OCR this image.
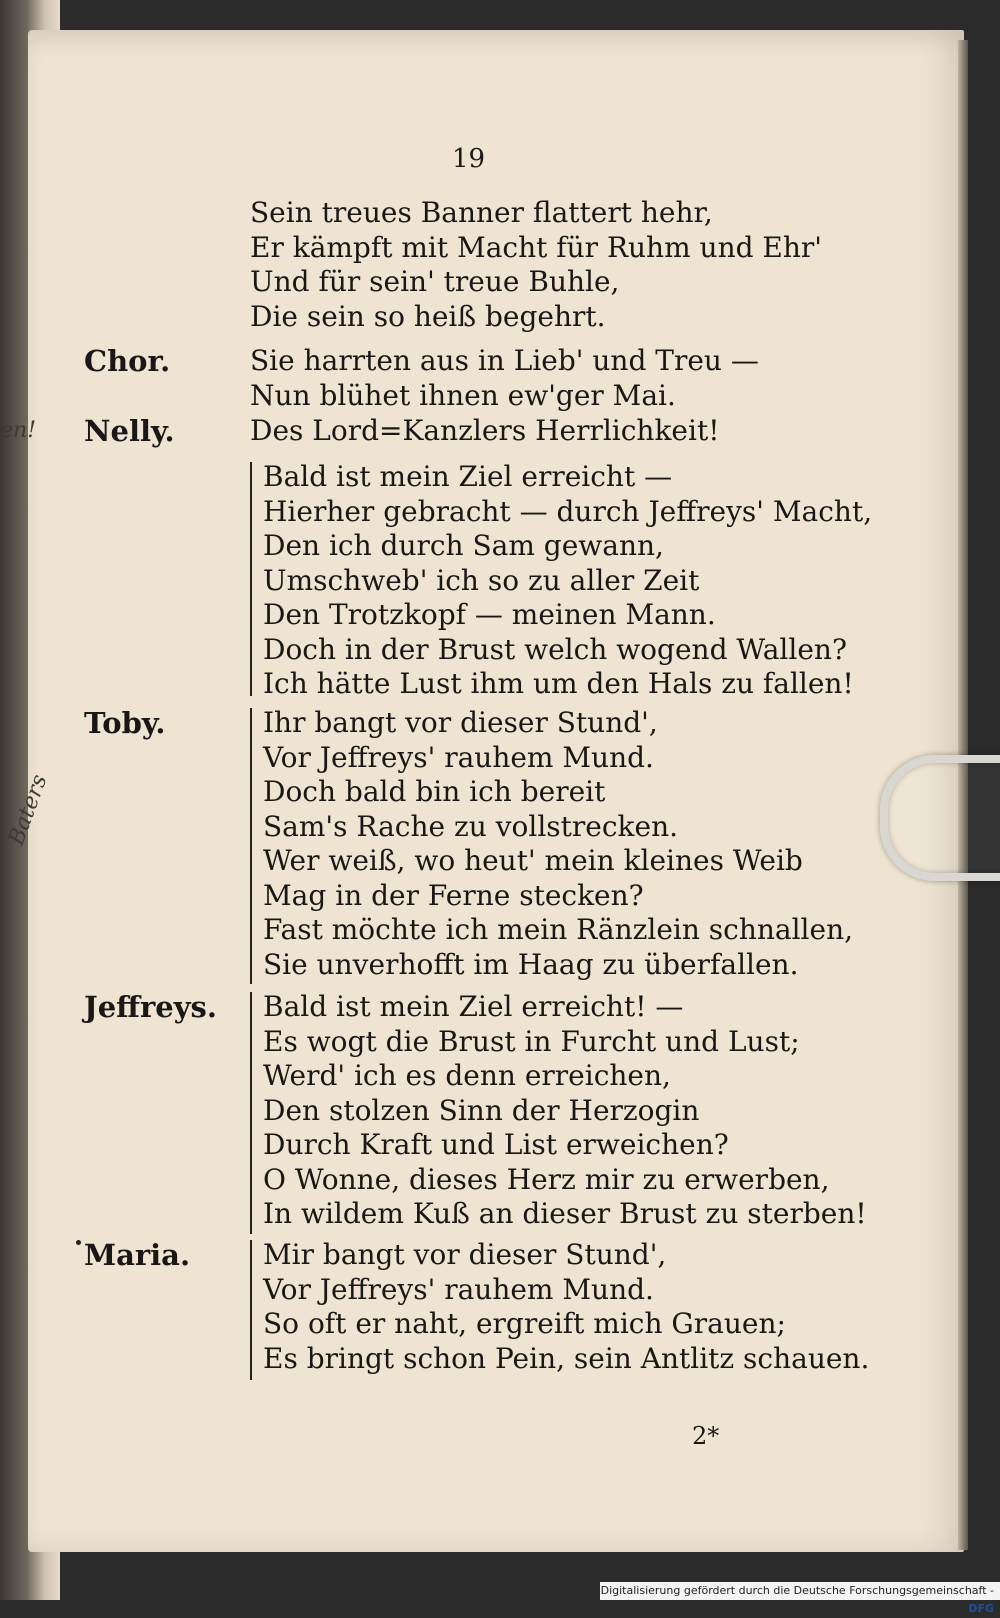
en!
Baters
19
Sein treues Banner flattert hehr,
Er kämpft mit Macht für Ruhm und Ehr'
Und für sein' treue Buhle,
Die sein so heiß begehrt.
Chor.	Sie harrten aus in Lieb' und Treu —
Nun blühet ihnen ew'ger Mai.
Nelly.	Des Lord=Kanzlers Herrlichkeit!
Bald ist mein Ziel erreicht —
Hierher gebracht — durch Jeffreys' Macht,
Den ich durch Sam gewann,
Umschweb' ich so zu aller Zeit
Den Trotzkopf — meinen Mann.
Doch in der Brust welch wogend Wallen?
Ich hätte Lust ihm um den Hals zu fallen!
Toby.	Ihr bangt vor dieser Stund',
Vor Jeffreys' rauhem Mund.
Doch bald bin ich bereit
Sam's Rache zu vollstrecken.
Wer weiß, wo heut' mein kleines Weib
Mag in der Ferne stecken?
Fast möchte ich mein Ränzlein schnallen,
Sie unverhofft im Haag zu überfallen.
Jeffreys. Bald ist mein Ziel erreicht! —
Es wogt die Brust in Furcht und Lust;
Werd' ich es denn erreichen,
Den stolzen Sinn der Herzogin
Durch Kraft und List erweichen?
O Wonne, dieses Herz mir zu erwerben,
In wildem Kuß an dieser Brust zu sterben!
Maria.	Mir bangt vor dieser Stund',
Vor Jeffreys' rauhem Mund.
So oft er naht, ergreift mich Grauen;
Es bringt schon Pein, sein Antlitz schauen.
2*
Digitalisierung gefördert durch die Deutsche Forschungsgemeinschaft -DFG
